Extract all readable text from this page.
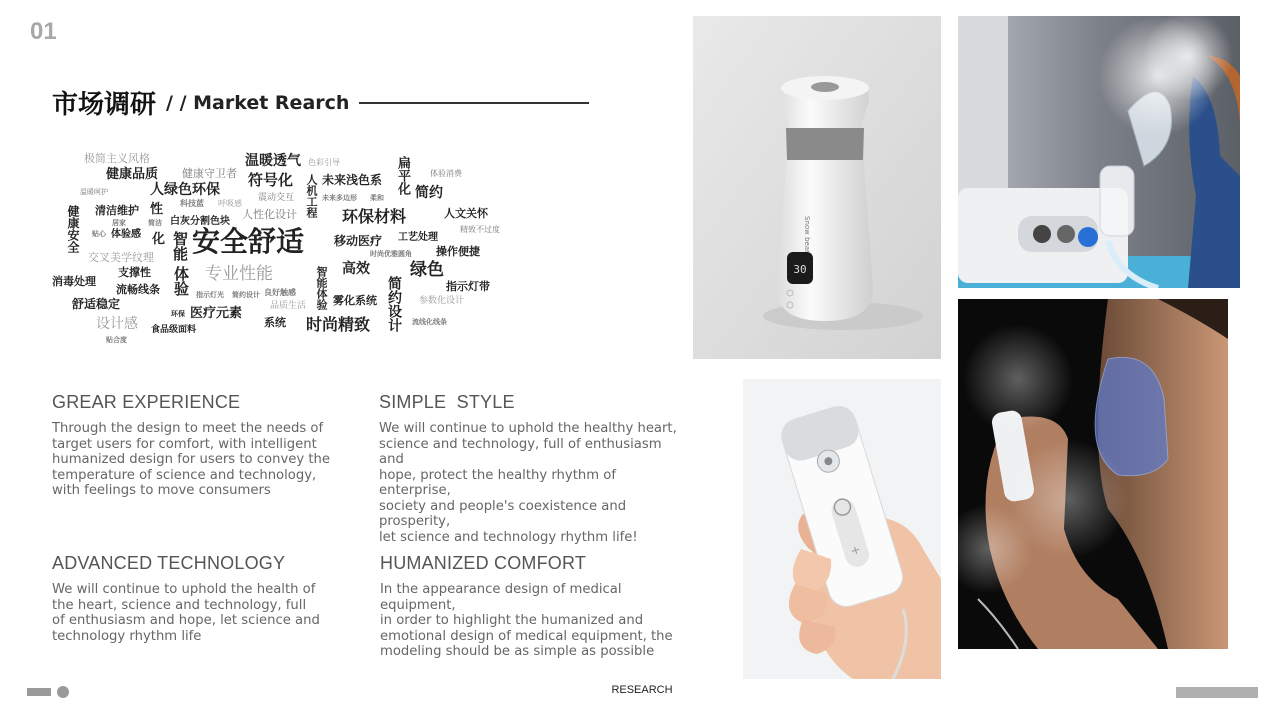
01
市场调研 / / Market Rearch
极简主义风格
健康品质 健康守卫者
温暖透气 色彩引导	扁平化	体验消费
温暖呵护	人绿色环保
符号化 人机工程 未来浅色系
简约
科技蓝
震动交互
呼吸感
健康安全 清洁维护 性	人性化设计
未来多边形 柔和
环保材料	人文关怀
居家	简洁 白灰分割色块
贴心 体验感 化 智能 安全舒适 移动医疗 工艺处理
精致不过度
交叉美学纹理	时尚优雅圆角 操作便捷
支撑性 体验 专业性能	高效 绿色
消毒处理
流畅线条	智能体验	简约设计	指示灯带
舒适稳定
指示灯光 简约设计 良好触感
雾化系统	参数化设计
品质生活
设计感
环保 医疗元素
系统 时尚精致	流线化线条
贴合度
食品级面料
GREAR EXPERIENCE
Through the design to meet the needs of
target users for comfort, with intelligent
humanized design for users to convey the
temperature of science and technology,
with feelings to move consumers
SIMPLE  STYLE
We will continue to uphold the healthy heart,
science and technology, full of enthusiasm and
hope, protect the healthy rhythm of enterprise,
society and people's coexistence and prosperity,
let science and technology rhythm life!
ADVANCED TECHNOLOGY
We will continue to uphold the health of
the heart, science and technology, full
of enthusiasm and hope, let science and
technology rhythm life
HUMANIZED COMFORT
In the appearance design of medical equipment,
in order to highlight the humanized and
emotional design of medical equipment, the
modeling should be as simple as possible
30
Snow bear
+
RESEARCH
